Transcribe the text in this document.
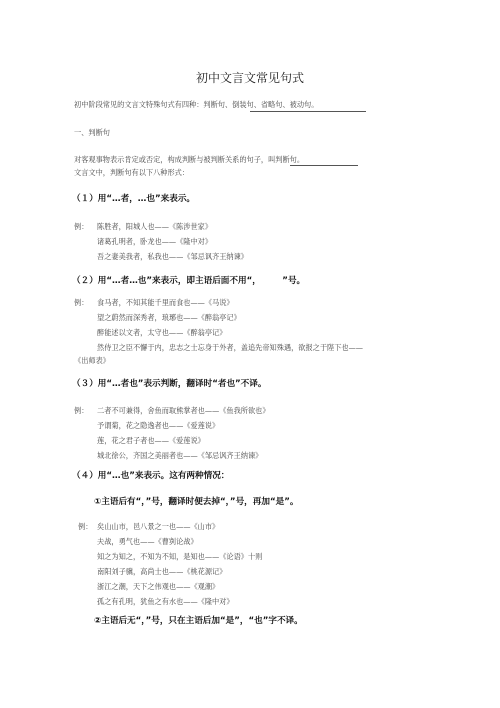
初中文言文常见句式
初中阶段常见的文言文特殊句式有四种：判断句、倒装句、省略句、被动句。
一、判断句
对客观事物表示肯定或否定，构成判断与被判断关系的句子，叫判断句。
文言文中，判断句有以下八种形式：
（１）用“…者，…也”来表示。
例： 陈胜者，阳城人也——《陈涉世家》
诸葛孔明者，卧龙也——《隆中对》
吾之妻美我者，私我也——《邹忌讽齐王纳谏》
（２）用“…者…也”来表示，即主语后面不用“，　　　”号。
例： 食马者，不知其能千里而食也——《马说》
望之蔚然而深秀者，琅琊也——《醉翁亭记》
醉能述以文者，太守也——《醉翁亭记》
然侍卫之臣不懈于内，忠志之士忘身于外者，盖追先帝知殊遇，欲报之于陛下也——
《出师表》
（３）用“…者也”表示判断，翻译时“者也”不译。
例： 二者不可兼得，舍鱼而取熊掌者也——《鱼我所欲也》
予谓菊，花之隐逸者也——《爱莲说》
莲，花之君子者也——《爱莲说》
城北徐公，齐国之美丽者也——《邹忌讽齐王纳谏》
（４）用“…也”来表示。这有两种情况：
①主语后有“，”号，翻译时便去掉“，”号，再加“是”。
例： 矣山山市，邑八景之一也——《山市》
夫战，勇气也——《曹刿论战》
知之为知之，不知为不知，是知也——《论语》十则
南阳刘子骥，高尚士也——《桃花源记》
浙江之潮，天下之伟观也——《观潮》
孤之有孔明，犹鱼之有水也——《隆中对》
②主语后无“，”号，只在主语后加“是”，“也”字不译。
